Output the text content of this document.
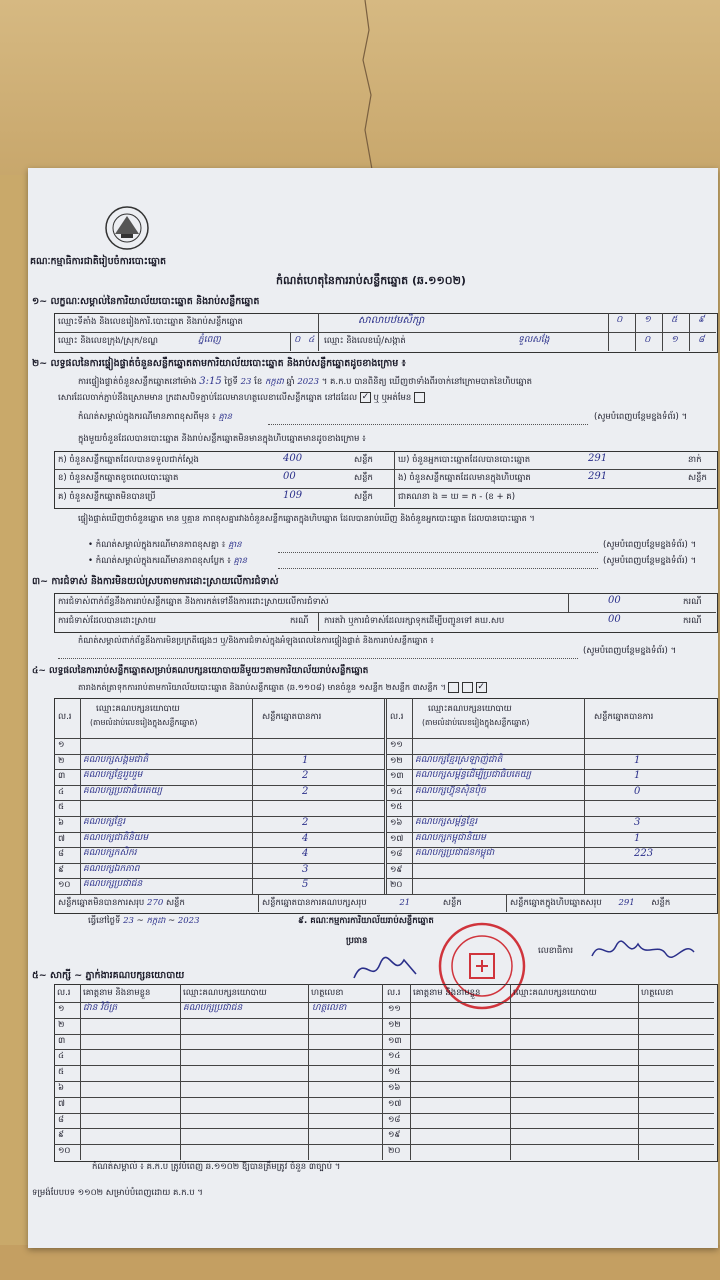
គណៈកម្មាធិការជាតិរៀបចំការបោះឆ្នោត
កំណត់ហេតុនៃការរាប់សន្លឹកឆ្នោត (ឆ.១១០២)
១~ លក្ខណៈសម្គាល់នៃការិយាល័យបោះឆ្នោត និងរាប់សន្លឹកឆ្នោត
ឈ្មោះទីតាំង និងលេខរៀងការិ.បោះឆ្នោត និងរាប់សន្លឹកឆ្នោត	សាលាបឋមសិក្សា	០ ១ ៥ ៩
ឈ្មោះ និងលេខក្រុង/ស្រុក/ខណ្ឌ	ភ្នំពេញ	០ ៤ ឈ្មោះ និងលេខឃុំ/សង្កាត់	ទួលសង្កែ	០ ១ ៨
២~ លទ្ធផលនៃការផ្ទៀងផ្ទាត់ចំនួនសន្លឹកឆ្នោតតាមការិយាល័យបោះឆ្នោត និងរាប់សន្លឹកឆ្នោតដូចខាងក្រោម ៖
ការផ្ទៀងផ្ទាត់ចំនួនសន្លឹកឆ្នោតនៅម៉ោង 3:15 ថ្ងៃទី 23 ខែ កក្កដា ឆ្នាំ 2023 ។ គ.ក.ប បានពិនិត្យ ឃើញថាទាំងពីរចាក់នៅក្រោមបាតនៃហិបឆ្នោត
សោរដែលចាក់ភ្ជាប់នឹងស្រោមមាន ក្រដាសបិទភ្ជាប់ដែលមានហត្ថលេខាលើសន្លឹកឆ្នោត នៅដដែល ✓ ឬ ឬអត់មែន
កំណត់សម្គាល់ក្នុងករណីមានភាពខុសពីមុន ៖ គ្មាន	(សូមបំពេញបន្ថែមខ្នងទំព័រ) ។
ក្នុងមួយចំនួនដែលបានបោះឆ្នោត និងរាប់សន្លឹកឆ្នោតមិនមានក្នុងហិបឆ្នោតមានដូចខាងក្រោម ៖
ក) ចំនួនសន្លឹកឆ្នោតដែលបានទទួលជាក់ស្តែង	400	សន្លឹក
ខ) ចំនួនសន្លឹកឆ្នោតខូចពេលបោះឆ្នោត	00	សន្លឹក
គ) ចំនួនសន្លឹកឆ្នោតមិនបានប្រើ	109	សន្លឹក
ឃ) ចំនួនអ្នកបោះឆ្នោតដែលបានបោះឆ្នោត	291	នាក់
ង) ចំនួនសន្លឹកឆ្នោតដែលមានក្នុងហិបឆ្នោត	291	សន្លឹក
ជាគណនា ង = ឃ = ក - (ខ + គ)
ផ្ទៀងផ្ទាត់ឃើញថាចំនួនឆ្នោត មាន ឬគ្មាន ភាពខុសគ្នារវាងចំនួនសន្លឹកឆ្នោតក្នុងហិបឆ្នោត ដែលបានរាប់ឃើញ និងចំនួនអ្នកបោះឆ្នោត ដែលបានបោះឆ្នោត ។
• កំណត់សម្គាល់ក្នុងករណីមានភាពខុសគ្នា ៖ គ្មាន	(សូមបំពេញបន្ថែមខ្នងទំព័រ) ។
• កំណត់សម្គាល់ក្នុងករណីមានភាពខុសប្លែក ៖ គ្មាន	(សូមបំពេញបន្ថែមខ្នងទំព័រ) ។
៣~ ការជំទាស់ និងការមិនយល់ស្របតាមការដោះស្រាយលើការជំទាស់
ការជំទាស់ពាក់ព័ន្ធនឹងការរាប់សន្លឹកឆ្នោត និងការកត់ទៅនឹងការដោះស្រាយលើការជំទាស់	00	ករណី
ការជំទាស់ដែលបានដោះស្រាយ	ករណី ការតវ៉ា ឬការជំទាស់ដែលរក្សាទុកដើម្បីបញ្ជូនទៅ គឃ.សប	00	ករណី
កំណត់សម្គាល់ពាក់ព័ន្ធនឹងការមិនប្រក្រតីផ្សេងៗ ឬ/និងការជំទាស់ក្នុងអំឡុងពេលនៃការផ្ទៀងផ្ទាត់ និងការរាប់សន្លឹកឆ្នោត ៖
(សូមបំពេញបន្ថែមខ្នងទំព័រ) ។
៤~ លទ្ធផលនៃការរាប់សន្លឹកឆ្នោតសម្រាប់គណបក្សនយោបាយនីមួយៗតាមការិយាល័យរាប់សន្លឹកឆ្នោត
តារាងកត់ត្រាទុកការរាប់តាមការិយាល័យបោះឆ្នោត និងរាប់សន្លឹកឆ្នោត (ឆ.១១០៨) មានចំនួន ១សន្លឹក ២សន្លឹក ៣សន្លឹក ។	✓
ល.រ
ឈ្មោះគណបក្សនយោបាយ
(តាមលំដាប់លេខរៀងក្នុងសន្លឹកឆ្នោត)
សន្លឹកឆ្នោតបានការ
១
២ គណបក្សសង្គមជាតិ	1
៣ គណបក្សខ្មែររួបរួម	2
៤ គណបក្សប្រជាធិបតេយ្យ	2
៥
៦ គណបក្សខ្មែរ	2
៧ គណបក្សជាតិនិយម	4
៨ គណបក្សកសិករ	4
៩ គណបក្សឯកភាព	3
១០ គណបក្សប្រជាជន	5
ល.រ
ឈ្មោះគណបក្សនយោបាយ
(តាមលំដាប់លេខរៀងក្នុងសន្លឹកឆ្នោត)
សន្លឹកឆ្នោតបានការ
១១
១២ គណបក្សខ្មែរស្រឡាញ់ជាតិ	1
១៣ គណបក្សសម្ព័ន្ធដើម្បីប្រជាធិបតេយ្យ	1
១៤ គណបក្សហ៊្វុនស៊ិនប៉ិច	0
១៥
១៦ គណបក្សសម្ព័ន្ធខ្មែរ	3
១៧ គណបក្សកម្ពុជានិយម	1
១៨ គណបក្សប្រជាជនកម្ពុជា	223
១៩
២០
សន្លឹកឆ្នោតមិនបានការសរុប 270 សន្លឹក	សន្លឹកឆ្នោតបានការគណបក្សសរុប	21	សន្លឹក	សន្លឹកឆ្នោតក្នុងហិបឆ្នោតសរុប 291 សន្លឹក
ធ្វើនៅថ្ងៃទី 23 ~ កក្កដា ~ 2023	៩. គណៈកម្មការការិយាល័យរាប់សន្លឹកឆ្នោត
ប្រធាន
លេខាធិការ
៥~ សាក្សី ~ ភ្នាក់ងារគណបក្សនយោបាយ
ល.រ គោត្តនាម និងនាមខ្លួន	ឈ្មោះគណបក្សនយោបាយ	ហត្ថលេខា
១ ជាន វិចិត្រ	គណបក្សប្រជាជន	ហត្ថលេខា
២
៣
៤
៥
៦
៧
៨
៩
១០
ល.រ គោត្តនាម និងនាមខ្លួន	ឈ្មោះគណបក្សនយោបាយ	ហត្ថលេខា
១១
១២
១៣
១៤
១៥
១៦
១៧
១៨
១៩
២០
កំណត់សម្គាល់ ៖ គ.ក.ប ត្រូវបំពេញ ឆ.១១០២ ឱ្យបានត្រឹមត្រូវ ចំនួន ៣ច្បាប់ ។
ទម្រង់បែបបទ ១១០២ សម្រាប់បំពេញដោយ គ.ក.ប ។
